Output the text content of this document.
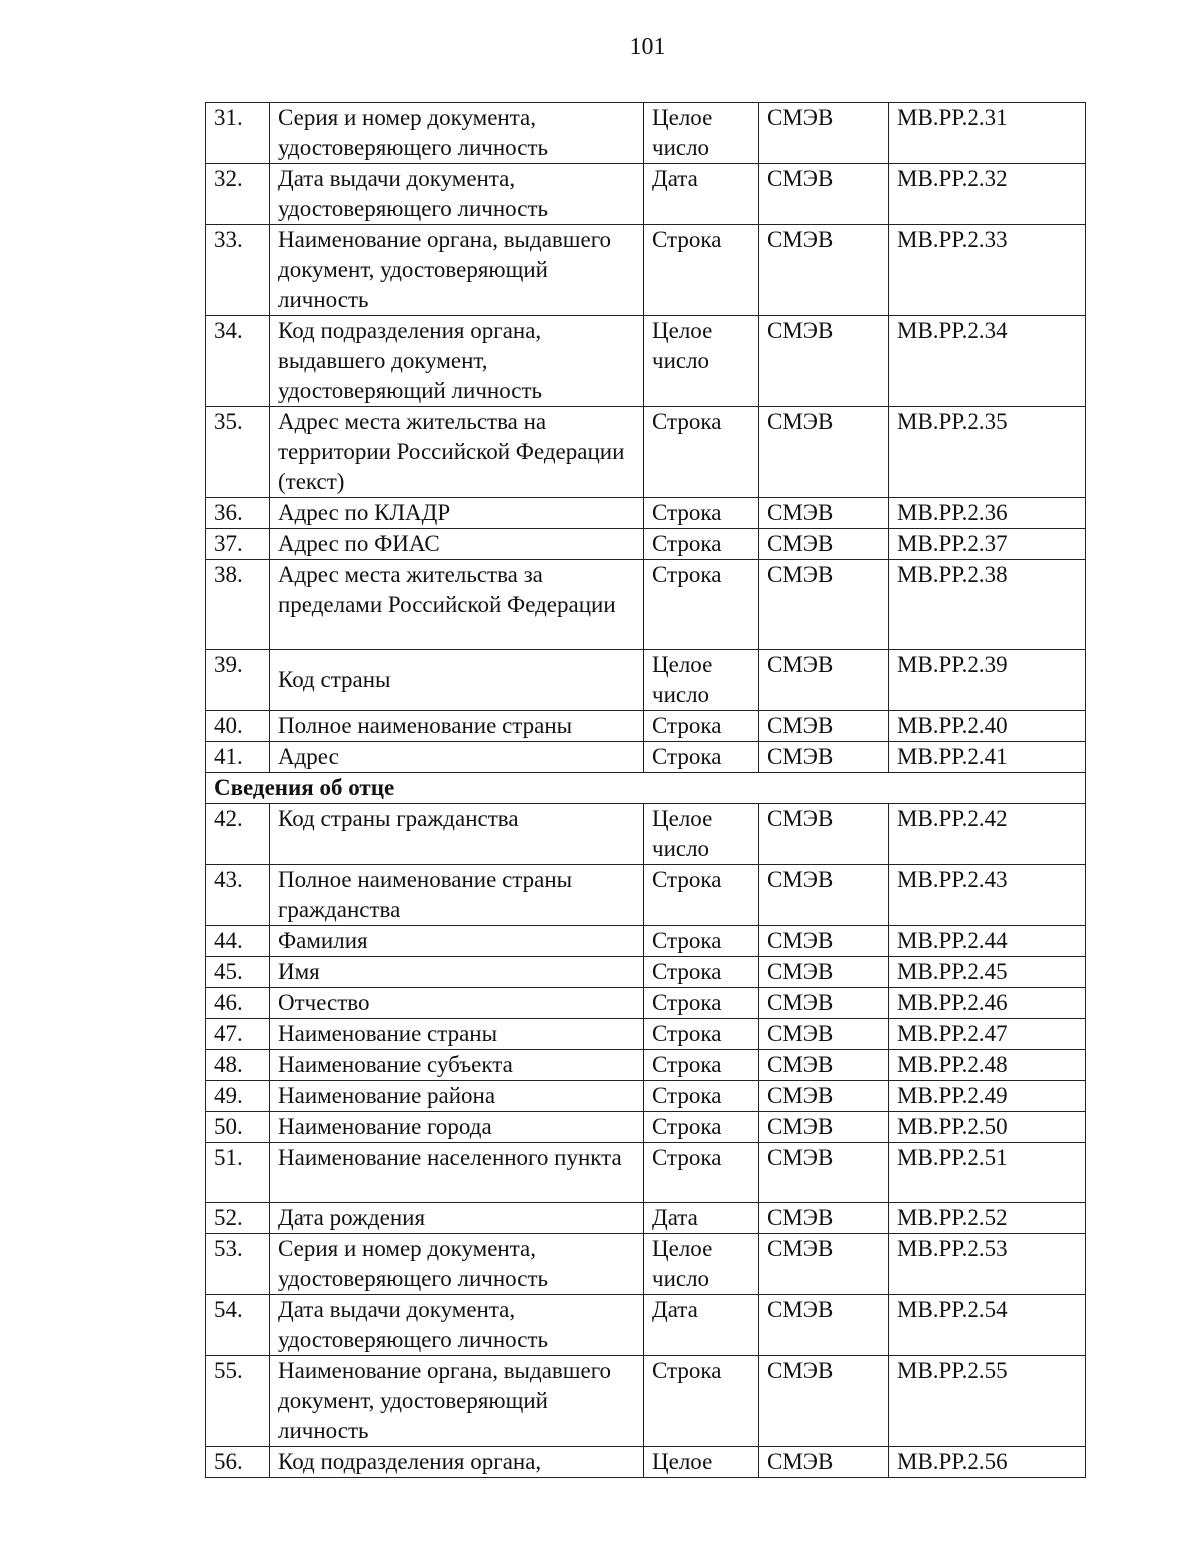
101
31.	Серия и номер документа, удостоверяющего личность	Целое число	СМЭВ	MB.PP.2.31
32.	Дата выдачи документа, удостоверяющего личность	Дата	СМЭВ	MB.PP.2.32
33.	Наименование органа, выдавшего документ, удостоверяющий личность	Строка	СМЭВ	MB.PP.2.33
34.	Код подразделения органа, выдавшего документ, удостоверяющий личность	Целое число	СМЭВ	MB.PP.2.34
35.	Адрес места жительства на территории Российской Федерации (текст)	Строка	СМЭВ	MB.PP.2.35
36.	Адрес по КЛАДР	Строка	СМЭВ	MB.PP.2.36
37.	Адрес по ФИАС	Строка	СМЭВ	MB.PP.2.37
38.	Адрес места жительства за пределами Российской Федерации	Строка	СМЭВ	MB.PP.2.38
39.	Код страны	Целое число	СМЭВ	MB.PP.2.39
40.	Полное наименование страны	Строка	СМЭВ	MB.PP.2.40
41.	Адрес	Строка	СМЭВ	MB.PP.2.41
Сведения об отце				
42.	Код страны гражданства	Целое число	СМЭВ	MB.PP.2.42
43.	Полное наименование страны гражданства	Строка	СМЭВ	MB.PP.2.43
44.	Фамилия	Строка	СМЭВ	MB.PP.2.44
45.	Имя	Строка	СМЭВ	MB.PP.2.45
46.	Отчество	Строка	СМЭВ	MB.PP.2.46
47.	Наименование страны	Строка	СМЭВ	MB.PP.2.47
48.	Наименование субъекта	Строка	СМЭВ	MB.PP.2.48
49.	Наименование района	Строка	СМЭВ	MB.PP.2.49
50.	Наименование города	Строка	СМЭВ	MB.PP.2.50
51.	Наименование населенного пункта	Строка	СМЭВ	MB.PP.2.51
52.	Дата рождения	Дата	СМЭВ	MB.PP.2.52
53.	Серия и номер документа, удостоверяющего личность	Целое число	СМЭВ	MB.PP.2.53
54.	Дата выдачи документа, удостоверяющего личность	Дата	СМЭВ	MB.PP.2.54
55.	Наименование органа, выдавшего документ, удостоверяющий личность	Строка	СМЭВ	MB.PP.2.55
56.	Код подразделения органа,	Целое	СМЭВ	MB.PP.2.56
